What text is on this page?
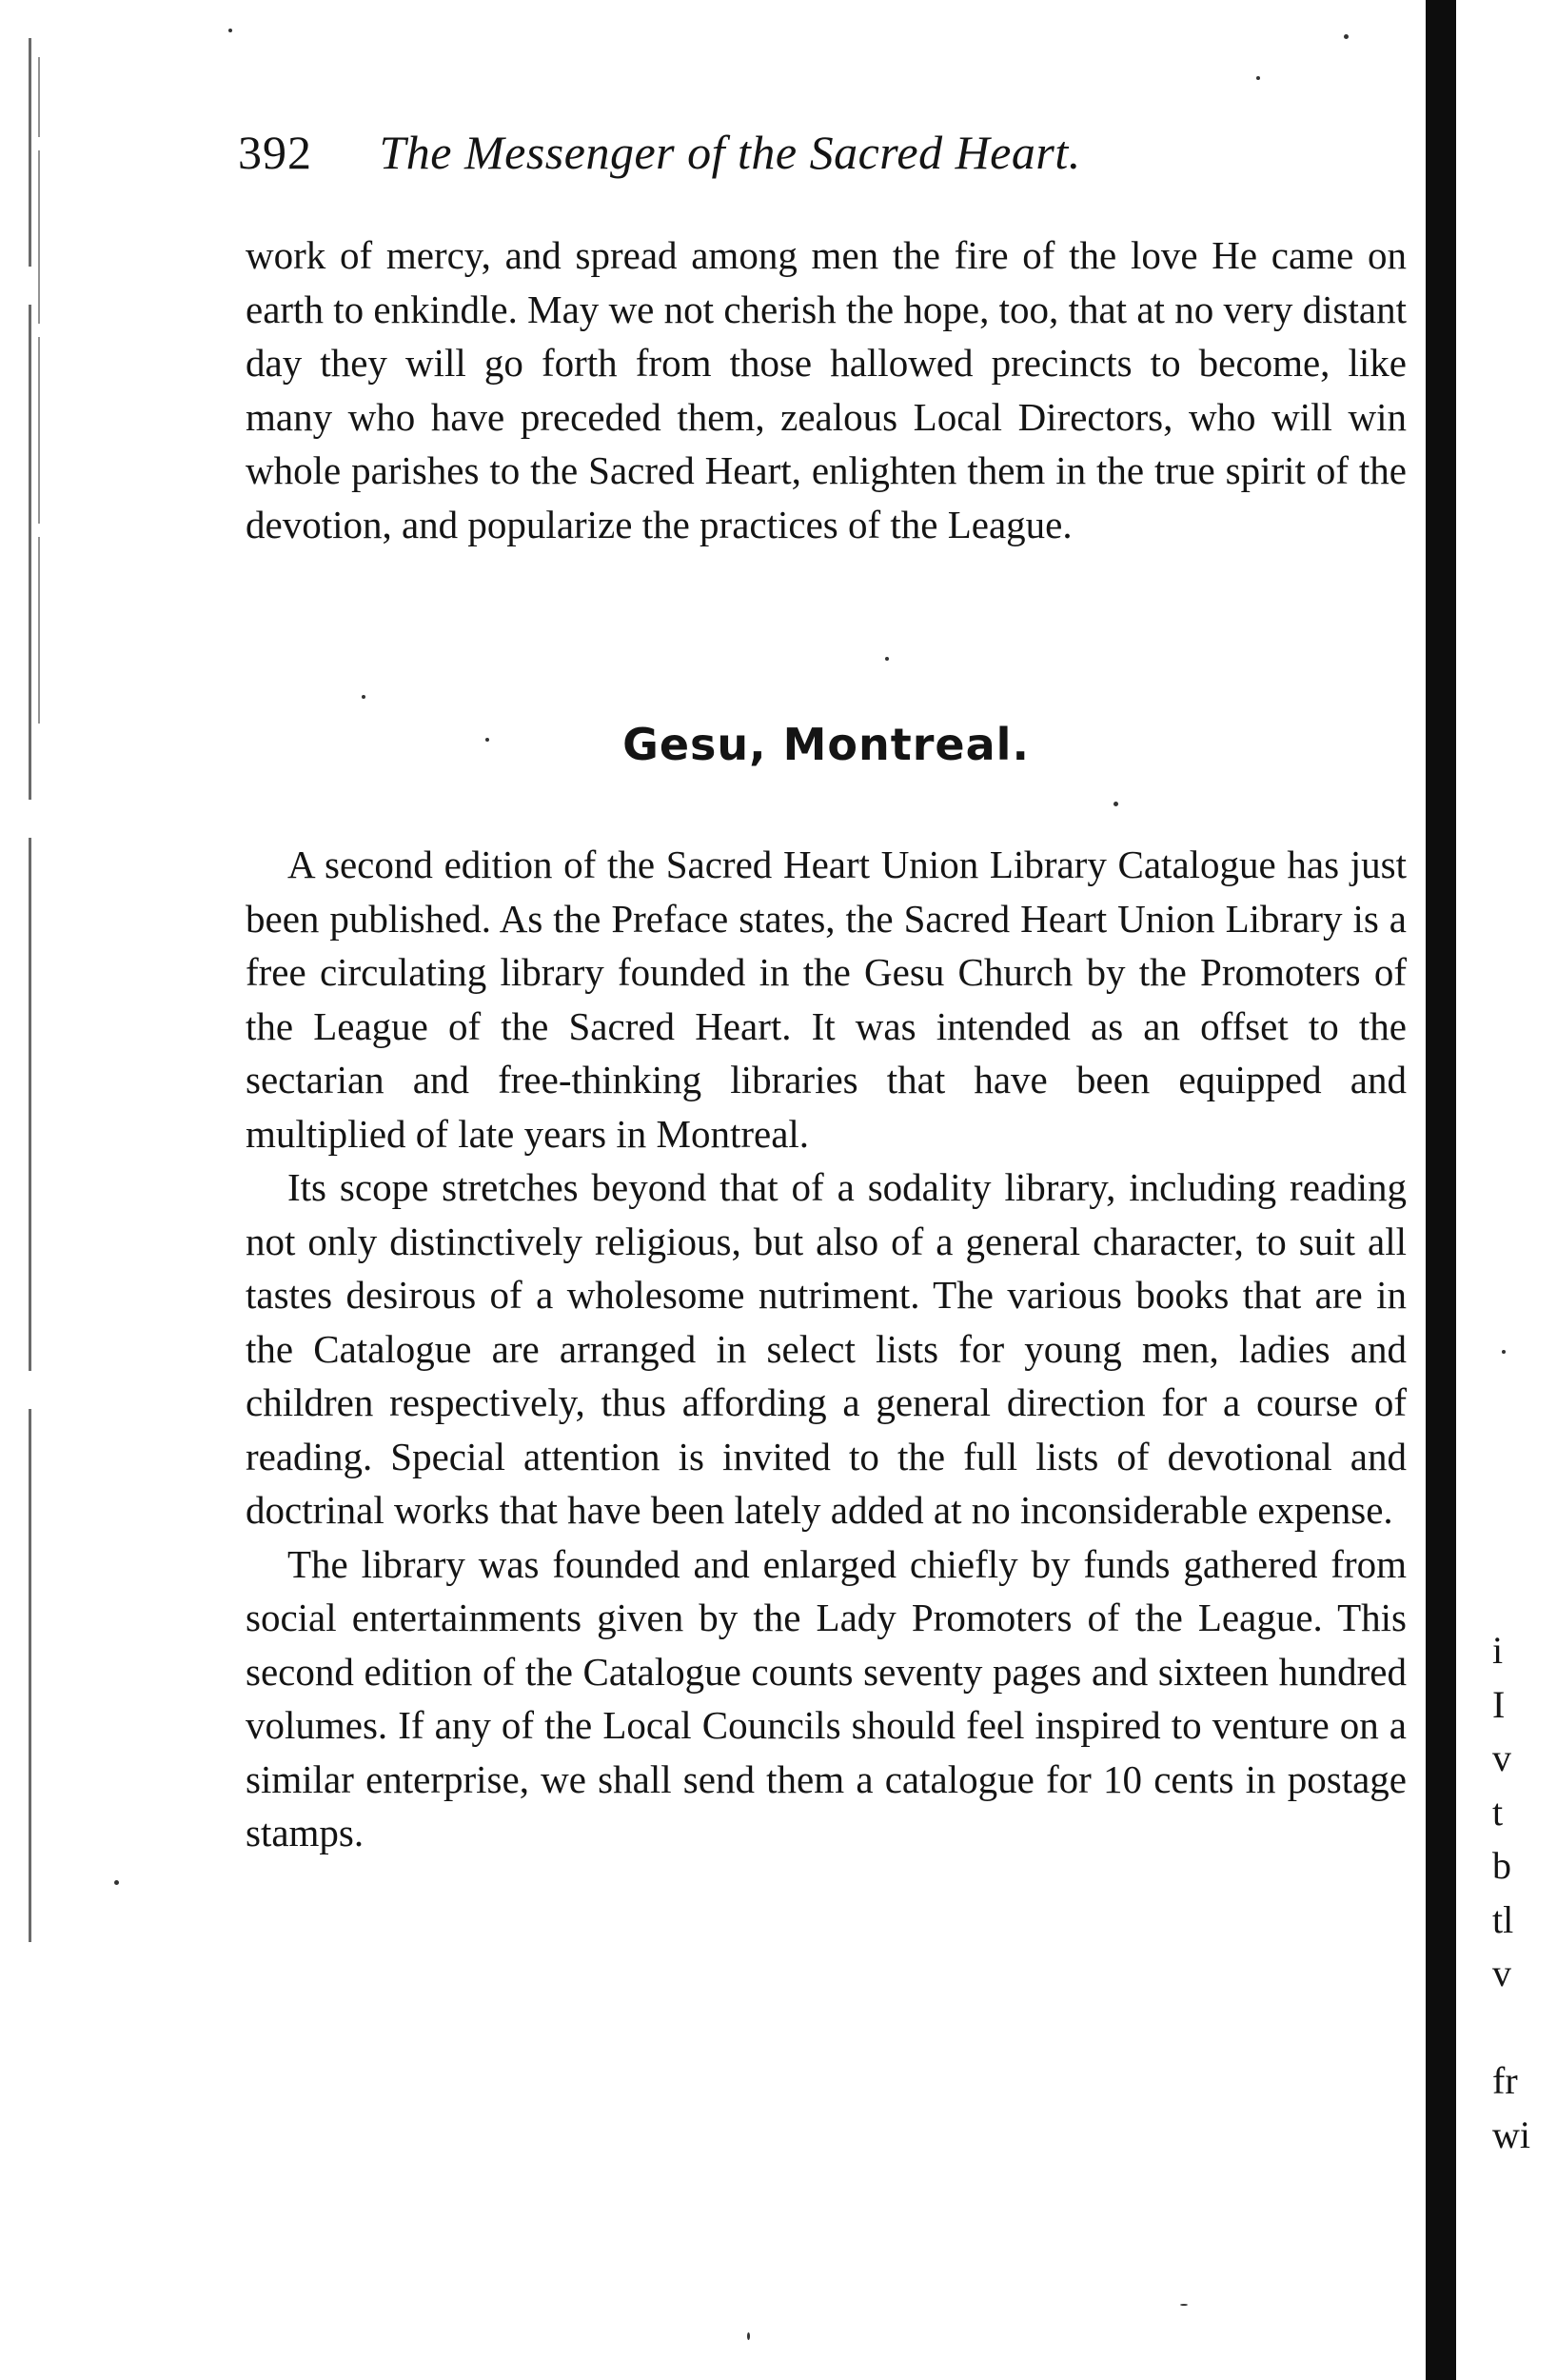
392 The Messenger of the Sacred Heart.

work of mercy, and spread among men the fire of the love He came on earth to enkindle. May we not cherish the hope, too, that at no very distant day they will go forth from those hallowed precincts to become, like many who have preceded them, zealous Local Directors, who will win whole parishes to the Sacred Heart, enlighten them in the true spirit of the devotion, and popularize the practices of the League.

Gesu, Montreal.

A second edition of the Sacred Heart Union Library Catalogue has just been published. As the Preface states, the Sacred Heart Union Library is a free circulating library founded in the Gesu Church by the Promoters of the League of the Sacred Heart. It was intended as an offset to the sectarian and free-thinking libraries that have been equipped and multiplied of late years in Montreal.

Its scope stretches beyond that of a sodality library, including reading not only distinctively religious, but also of a general character, to suit all tastes desirous of a wholesome nutriment. The various books that are in the Catalogue are arranged in select lists for young men, ladies and children respectively, thus affording a general direction for a course of reading. Special attention is invited to the full lists of devotional and doctrinal works that have been lately added at no inconsiderable expense.

The library was founded and enlarged chiefly by funds gathered from social entertainments given by the Lady Promoters of the League. This second edition of the Catalogue counts seventy pages and sixteen hundred volumes. If any of the Local Councils should feel inspired to venture on a similar enterprise, we shall send them a catalogue for 10 cents in postage stamps.

i
I
v
t
b
tl
v
fr
wi
